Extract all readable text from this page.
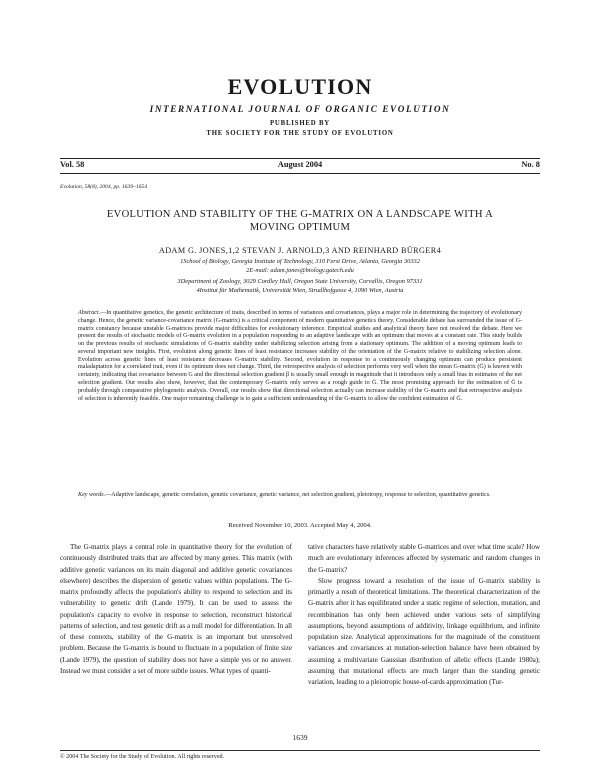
EVOLUTION
INTERNATIONAL JOURNAL OF ORGANIC EVOLUTION
PUBLISHED BY
THE SOCIETY FOR THE STUDY OF EVOLUTION
Vol. 58	August 2004	No. 8
Evolution, 58(8), 2004, pp. 1639–1654
EVOLUTION AND STABILITY OF THE G-MATRIX ON A LANDSCAPE WITH A
MOVING OPTIMUM
ADAM G. JONES,1,2 STEVAN J. ARNOLD,3 AND REINHARD BÜRGER4
1School of Biology, Georgia Institute of Technology, 310 Ferst Drive, Atlanta, Georgia 30332
2E-mail: adam.jones@biology.gatech.edu
3Department of Zoology, 3029 Cordley Hall, Oregon State University, Corvallis, Oregon 97331
4Institut für Mathematik, Universität Wien, Strudlhofgasse 4, 1090 Wien, Austria
Abstract.—In quantitative genetics, the genetic architecture of traits, described in terms of variances and covariances, plays a major role in determining the trajectory of evolutionary change. Hence, the genetic variance-covariance matrix (G-matrix) is a critical component of modern quantitative genetics theory. Considerable debate has surrounded the issue of G-matrix constancy because unstable G-matrices provide major difficulties for evolutionary inference. Empirical studies and analytical theory have not resolved the debate. Here we present the results of stochastic models of G-matrix evolution in a population responding to an adaptive landscape with an optimum that moves at a constant rate. This study builds on the previous results of stochastic simulations of G-matrix stability under stabilizing selection arising from a stationary optimum. The addition of a moving optimum leads to several important new insights. First, evolution along genetic lines of least resistance increases stability of the orientation of the G-matrix relative to stabilizing selection alone. Evolution across genetic lines of least resistance decreases G-matrix stability. Second, evolution in response to a continuously changing optimum can produce persistent maladaptation for a correlated trait, even if its optimum does not change. Third, the retrospective analysis of selection performs very well when the mean G-matrix (Ḡ) is known with certainty, indicating that covariance between G and the directional selection gradient β is usually small enough in magnitude that it introduces only a small bias in estimates of the net selection gradient. Our results also show, however, that the contemporary Ḡ-matrix only serves as a rough guide to Ḡ. The most promising approach for the estimation of Ḡ is probably through comparative phylogenetic analysis. Overall, our results show that directional selection actually can increase stability of the G-matrix and that retrospective analysis of selection is inherently feasible. One major remaining challenge is to gain a sufficient understanding of the G-matrix to allow the confident estimation of Ḡ.
Key words.—Adaptive landscape, genetic correlation, genetic covariance, genetic variance, net selection gradient, pleiotropy, response to selection, quantitative genetics.
Received November 10, 2003. Accepted May 4, 2004.
The G-matrix plays a central role in quantitative theory for the evolution of continuously distributed traits that are affected by many genes. This matrix (with additive genetic variances on its main diagonal and additive genetic covariances elsewhere) describes the dispersion of genetic values within populations. The G-matrix profoundly affects the population's ability to respond to selection and its vulnerability to genetic drift (Lande 1979). It can be used to assess the population's capacity to evolve in response to selection, reconstruct historical patterns of selection, and test genetic drift as a null model for differentiation. In all of these contexts, stability of the G-matrix is an important but unresolved problem. Because the G-matrix is bound to fluctuate in a population of finite size (Lande 1979), the question of stability does not have a simple yes or no answer. Instead we must consider a set of more subtle issues. What types of quanti-

tative characters have relatively stable G-matrices and over what time scale? How much are evolutionary inferences affected by systematic and random changes in the G-matrix?

Slow progress toward a resolution of the issue of G-matrix stability is primarily a result of theoretical limitations. The theoretical characterization of the G-matrix after it has equilibrated under a static regime of selection, mutation, and recombination has only been achieved under various sets of simplifying assumptions, beyond assumptions of additivity, linkage equilibrium, and infinite population size. Analytical approximations for the magnitude of the constituent variances and covariances at mutation-selection balance have been obtained by assuming a multivariate Gaussian distribution of allelic effects (Lande 1980a); assuming that mutational effects are much larger than the standing genetic variation, leading to a pleiotropic house-of-cards approximation (Tur-

1639
© 2004 The Society for the Study of Evolution. All rights reserved.
